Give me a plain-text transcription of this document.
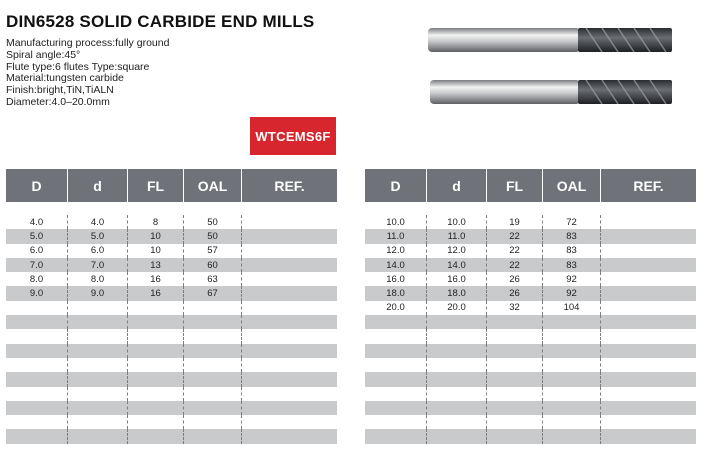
DIN6528 SOLID CARBIDE END MILLS
Manufacturing process:fully ground
Spiral angle:45°
Flute type:6 flutes Type:square
Material:tungsten carbide
Finish:bright,TiN,TiALN
Diameter:4.0–20.0mm
WTCEMS6F
D	d	FL	OAL	REF.
4.0	4.0	8	50
5.0	5.0	10	50
6.0	6.0	10	57
7.0	7.0	13	60
8.0	8.0	16	63
9.0	9.0	16	67
D	d	FL	OAL	REF.
10.0	10.0	19	72
11.0	11.0	22	83
12.0	12.0	22	83
14.0	14.0	22	83
16.0	16.0	26	92
18.0	18.0	26	92
20.0	20.0	32	104
